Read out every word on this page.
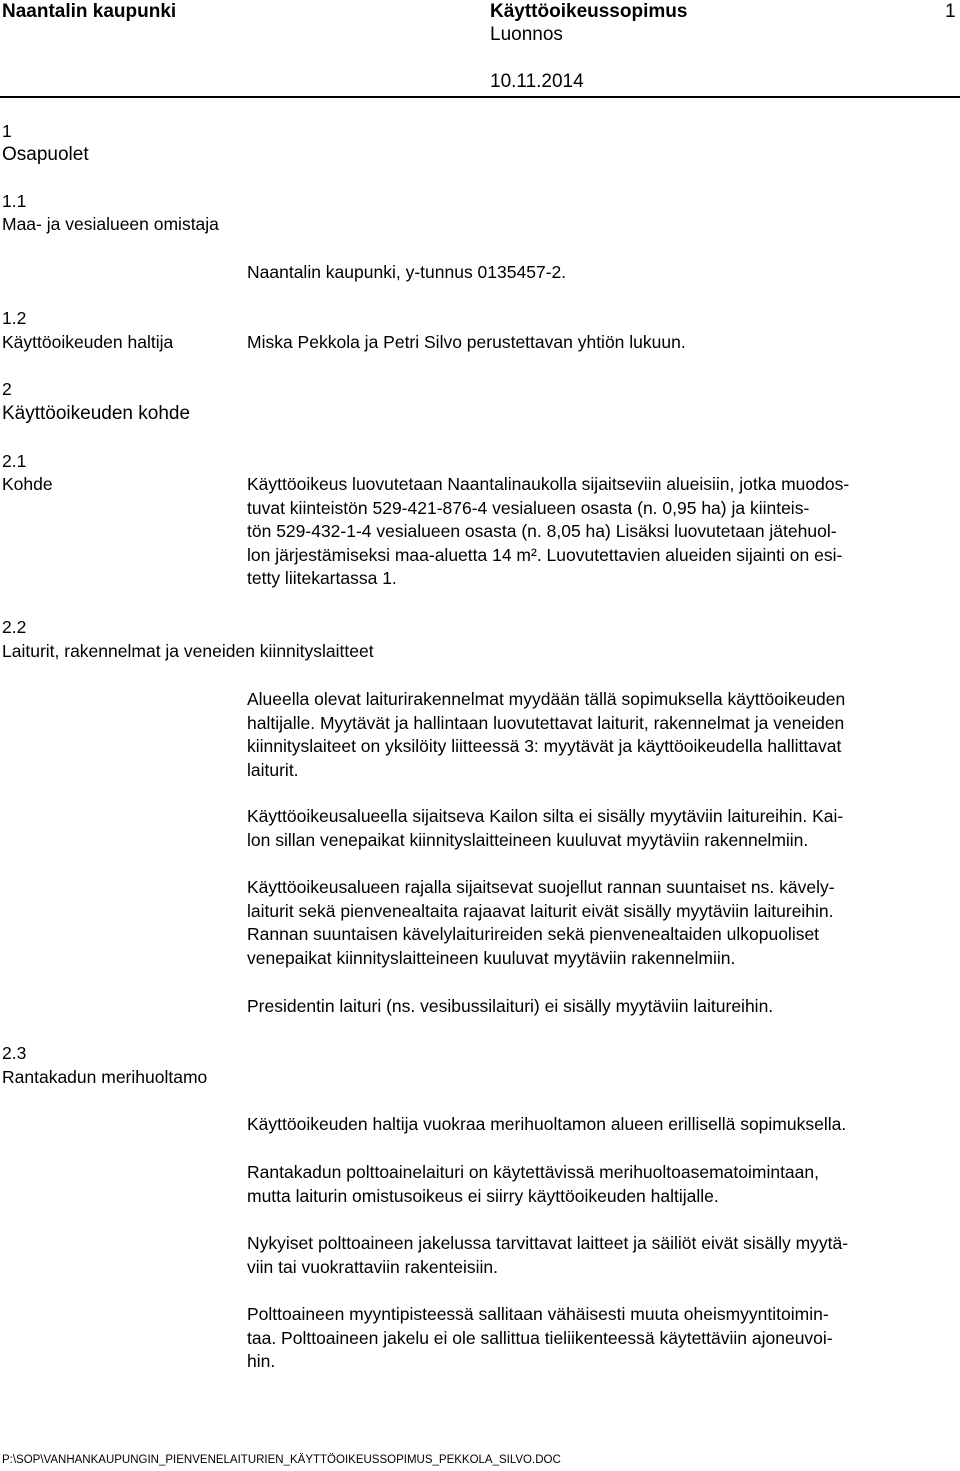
Naantalin kaupunki	Käyttöoikeussopimus	1
Luonnos
10.11.2014
1
Osapuolet
1.1
Maa- ja vesialueen omistaja
Naantalin kaupunki, y-tunnus 0135457-2.
1.2
Käyttöoikeuden haltija	Miska Pekkola ja Petri Silvo perustettavan yhtiön lukuun.
2
Käyttöoikeuden kohde
2.1
Kohde	Käyttöoikeus luovutetaan Naantalinaukolla sijaitseviin alueisiin, jotka muodos-
tuvat kiinteistön 529-421-876-4 vesialueen osasta (n. 0,95 ha) ja kiinteis-
tön 529-432-1-4 vesialueen osasta (n. 8,05 ha) Lisäksi luovutetaan jätehuol-
lon järjestämiseksi maa-aluetta 14 m². Luovutettavien alueiden sijainti on esi-
tetty liitekartassa 1.
2.2
Laiturit, rakennelmat ja veneiden kiinnityslaitteet
Alueella olevat laiturirakennelmat myydään tällä sopimuksella käyttöoikeuden
haltijalle. Myytävät ja hallintaan luovutettavat laiturit, rakennelmat ja veneiden
kiinnityslaiteet on yksilöity liitteessä 3: myytävät ja käyttöoikeudella hallittavat
laiturit.
Käyttöoikeusalueella sijaitseva Kailon silta ei sisälly myytäviin laitureihin. Kai-
lon sillan venepaikat kiinnityslaitteineen kuuluvat myytäviin rakennelmiin.
Käyttöoikeusalueen rajalla sijaitsevat suojellut rannan suuntaiset ns. kävely-
laiturit sekä pienvenealtaita rajaavat laiturit eivät sisälly myytäviin laitureihin.
Rannan suuntaisen kävelylaiturireiden sekä pienvenealtaiden ulkopuoliset
venepaikat kiinnityslaitteineen kuuluvat myytäviin rakennelmiin.
Presidentin laituri (ns. vesibussilaituri) ei sisälly myytäviin laitureihin.
2.3
Rantakadun merihuoltamo
Käyttöoikeuden haltija vuokraa merihuoltamon alueen erillisellä sopimuksella.
Rantakadun polttoainelaituri on käytettävissä merihuoltoasematoimintaan,
mutta laiturin omistusoikeus ei siirry käyttöoikeuden haltijalle.
Nykyiset polttoaineen jakelussa tarvittavat laitteet ja säiliöt eivät sisälly myytä-
viin tai vuokrattaviin rakenteisiin.
Polttoaineen myyntipisteessä sallitaan vähäisesti muuta oheismyyntitoimin-
taa. Polttoaineen jakelu ei ole sallittua tieliikenteessä käytettäviin ajoneuvoi-
hin.
P:\SOP\VANHANKAUPUNGIN_PIENVENELAITURIEN_KÄYTTÖOIKEUSSOPIMUS_PEKKOLA_SILVO.DOC
